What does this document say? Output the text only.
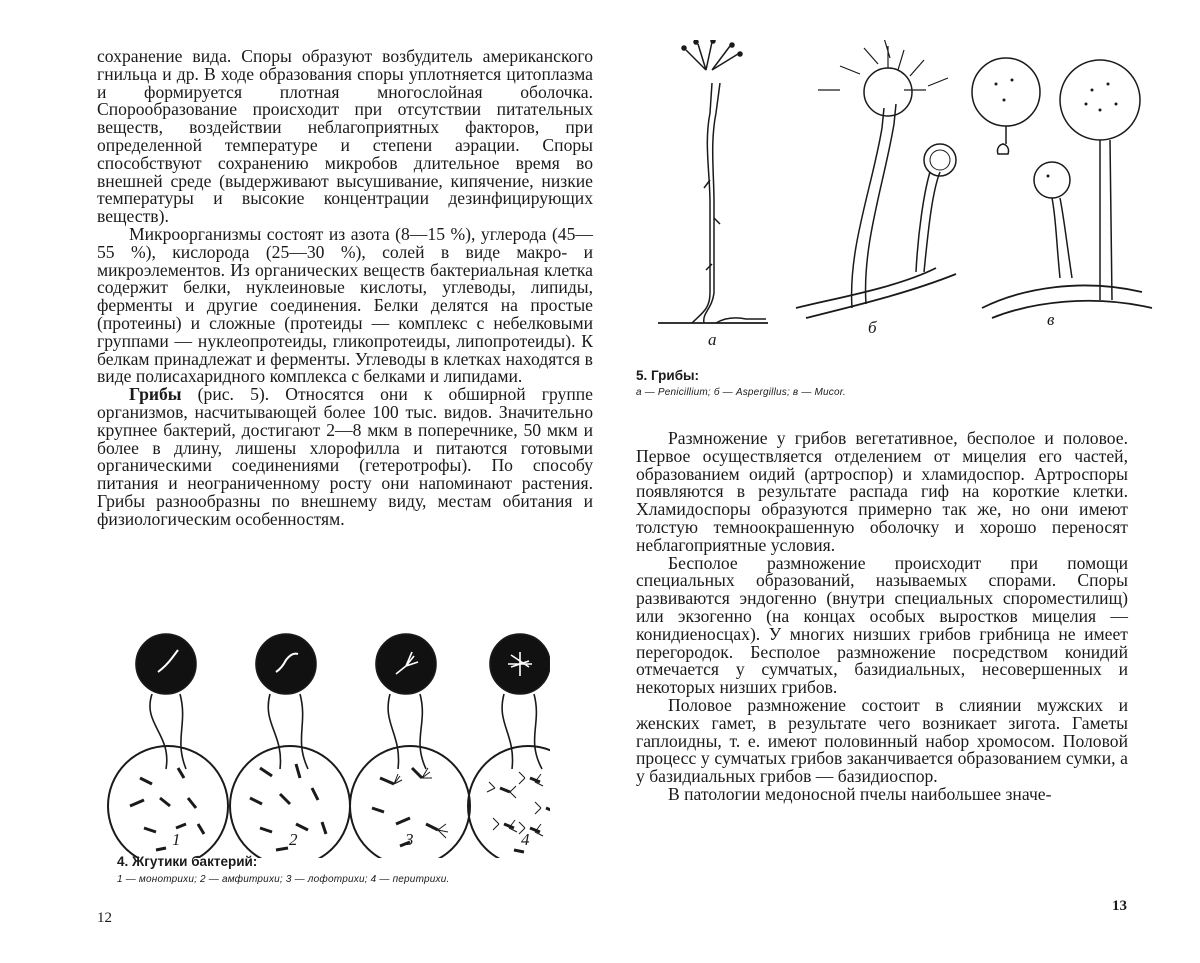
сохранение вида. Споры образуют возбудитель американского гнильца и др. В ходе образования споры уплотняется цитоплазма и формируется плотная многослойная оболочка. Спорообразование происходит при отсутствии питательных веществ, воздействии неблагоприятных факторов, при определенной температуре и степени аэрации. Споры способствуют сохранению микробов длительное время во внешней среде (выдерживают высушивание, кипячение, низкие температуры и высокие концентрации дезинфицирующих веществ).

Микроорганизмы состоят из азота (8—15 %), углерода (45—55 %), кислорода (25—30 %), солей в виде макро- и микроэлементов. Из органических веществ бактериальная клетка содержит белки, нуклеиновые кислоты, углеводы, липиды, ферменты и другие соединения. Белки делятся на простые (протеины) и сложные (протеиды — комплекс с небелковыми группами — нуклеопротеиды, гликопротеиды, липопротеиды). К белкам принадлежат и ферменты. Углеводы в клетках находятся в виде полисахаридного комплекса с белками и липидами.

Грибы (рис. 5). Относятся они к обширной группе организмов, насчитывающей более 100 тыс. видов. Значительно крупнее бактерий, достигают 2—8 мкм в поперечнике, 50 мкм и более в длину, лишены хлорофилла и питаются готовыми органическими соединениями (гетеротрофы). По способу питания и неограниченному росту они напоминают растения. Грибы разнообразны по внешнему виду, местам обитания и физиологическим особенностям.

1	2	3	4
4. Жгутики бактерий:
1 — монотрихи; 2 — амфитрихи; 3 — лофотрихи; 4 — перитрихи.
12
а
б	в
5. Грибы:
а — Penicillium; б — Aspergillus; в — Mucor.

Размножение у грибов вегетативное, бесполое и половое. Первое осуществляется отделением от мицелия его частей, образованием оидий (артроспор) и хламидоспор. Артроспоры появляются в результате распада гиф на короткие клетки. Хламидоспоры образуются примерно так же, но они имеют толстую темноокрашенную оболочку и хорошо переносят неблагоприятные условия.

Бесполое размножение происходит при помощи специальных образований, называемых спорами. Споры развиваются эндогенно (внутри специальных спороместилищ) или экзогенно (на концах особых выростков мицелия — конидиеносцах). У многих низших грибов грибница не имеет перегородок. Бесполое размножение посредством конидий отмечается у сумчатых, базидиальных, несовершенных и некоторых низших грибов.

Половое размножение состоит в слиянии мужских и женских гамет, в результате чего возникает зигота. Гаметы гаплоидны, т. е. имеют половинный набор хромосом. Половой процесс у сумчатых грибов заканчивается образованием сумки, а у базидиальных грибов — базидиоспор.

В патологии медоносной пчелы наибольшее значе-

13
